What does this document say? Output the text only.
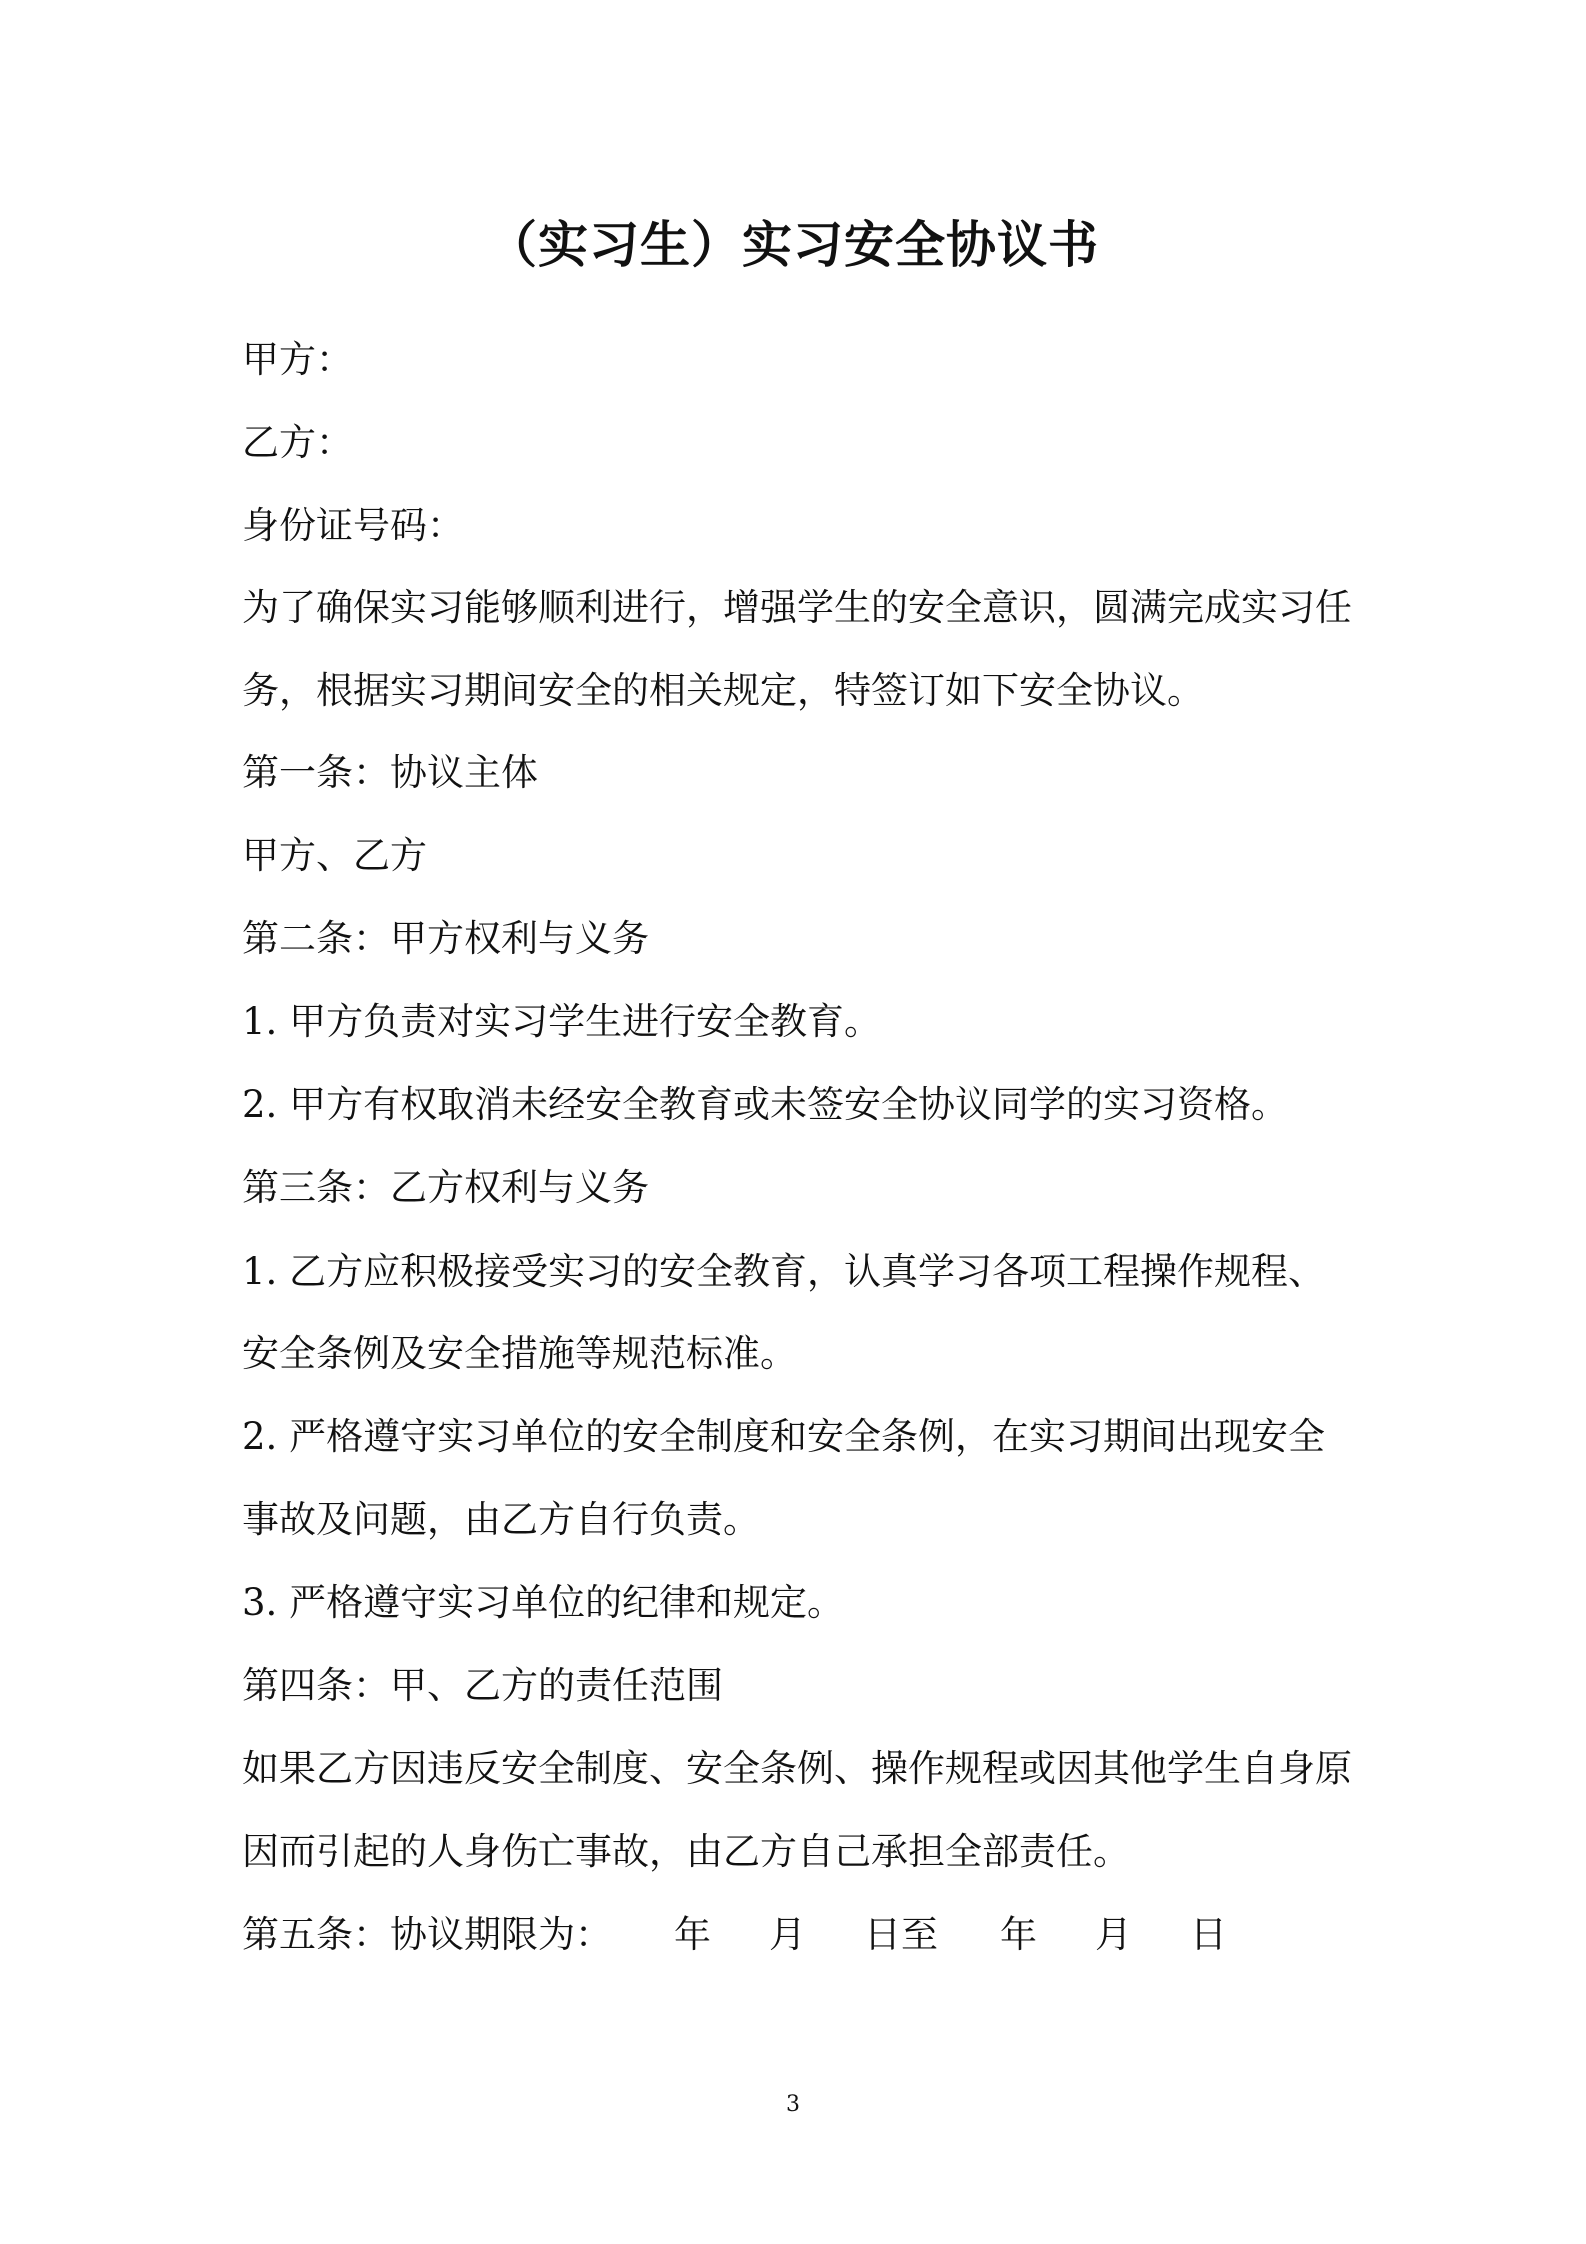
（实习生）实习安全协议书
甲方：
乙方：
身份证号码：
为了确保实习能够顺利进行，增强学生的安全意识，圆满完成实习任
务，根据实习期间安全的相关规定，特签订如下安全协议。
第一条：协议主体
甲方、乙方
第二条：甲方权利与义务
1. 甲方负责对实习学生进行安全教育。
2. 甲方有权取消未经安全教育或未签安全协议同学的实习资格。
第三条：乙方权利与义务
1. 乙方应积极接受实习的安全教育，认真学习各项工程操作规程、
安全条例及安全措施等规范标准。
2. 严格遵守实习单位的安全制度和安全条例，在实习期间出现安全
事故及问题，由乙方自行负责。
3. 严格遵守实习单位的纪律和规定。
第四条：甲、乙方的责任范围
如果乙方因违反安全制度、安全条例、操作规程或因其他学生自身原
因而引起的人身伤亡事故，由乙方自己承担全部责任。
第五条：协议期限为： 年 月 日至 年 月 日
3
